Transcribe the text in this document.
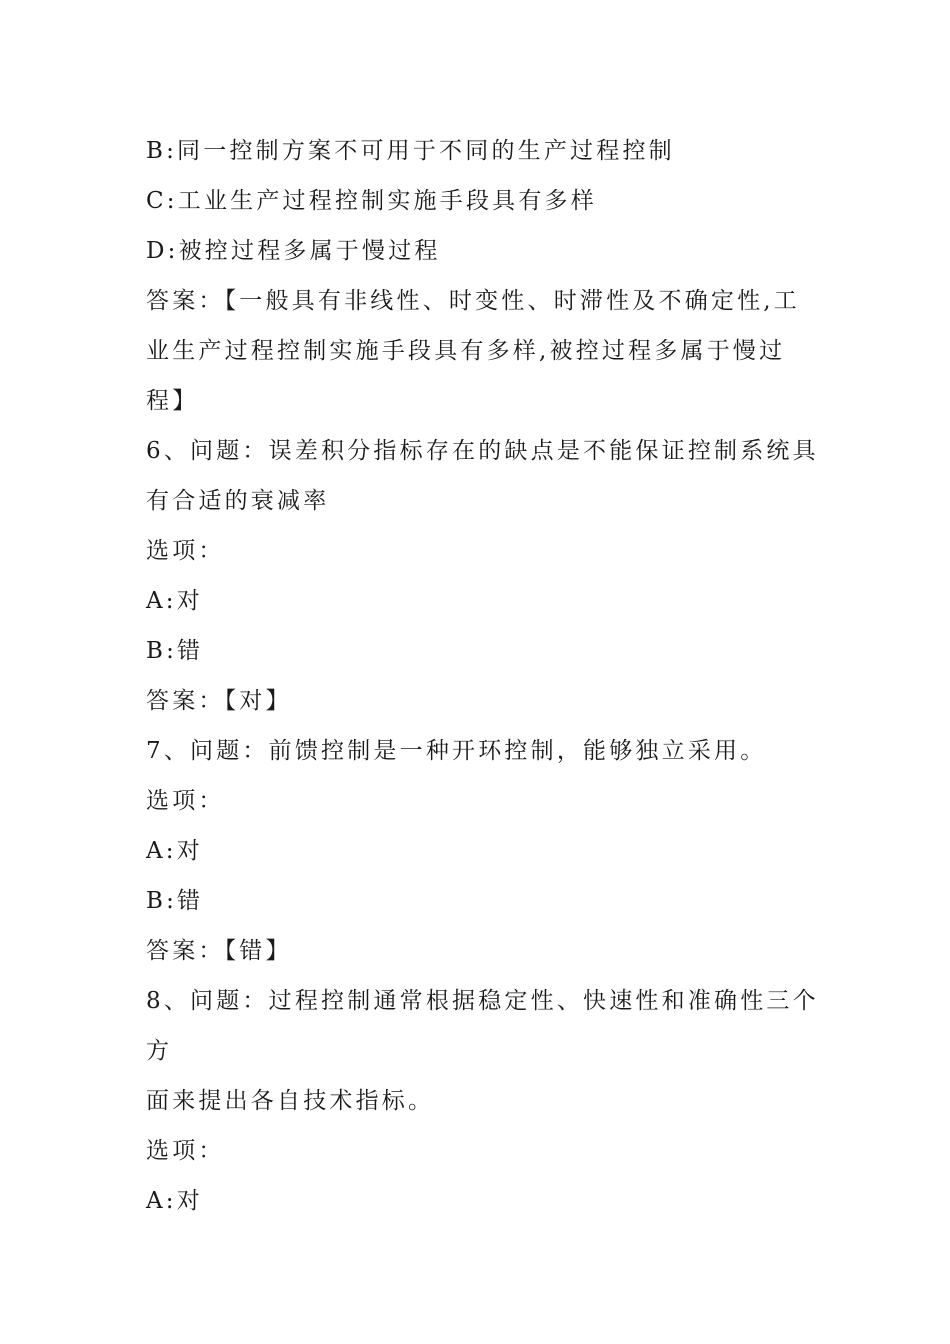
B:同一控制方案不可用于不同的生产过程控制
C:工业生产过程控制实施手段具有多样
D:被控过程多属于慢过程
答案：【一般具有非线性、时变性、时滞性及不确定性,工
业生产过程控制实施手段具有多样,被控过程多属于慢过
程】
6、问题：误差积分指标存在的缺点是不能保证控制系统具
有合适的衰减率
选项：
A:对
B:错
答案：【对】
7、问题：前馈控制是一种开环控制，能够独立采用。
选项：
A:对
B:错
答案：【错】
8、问题：过程控制通常根据稳定性、快速性和准确性三个
方
面来提出各自技术指标。
选项：
A:对
